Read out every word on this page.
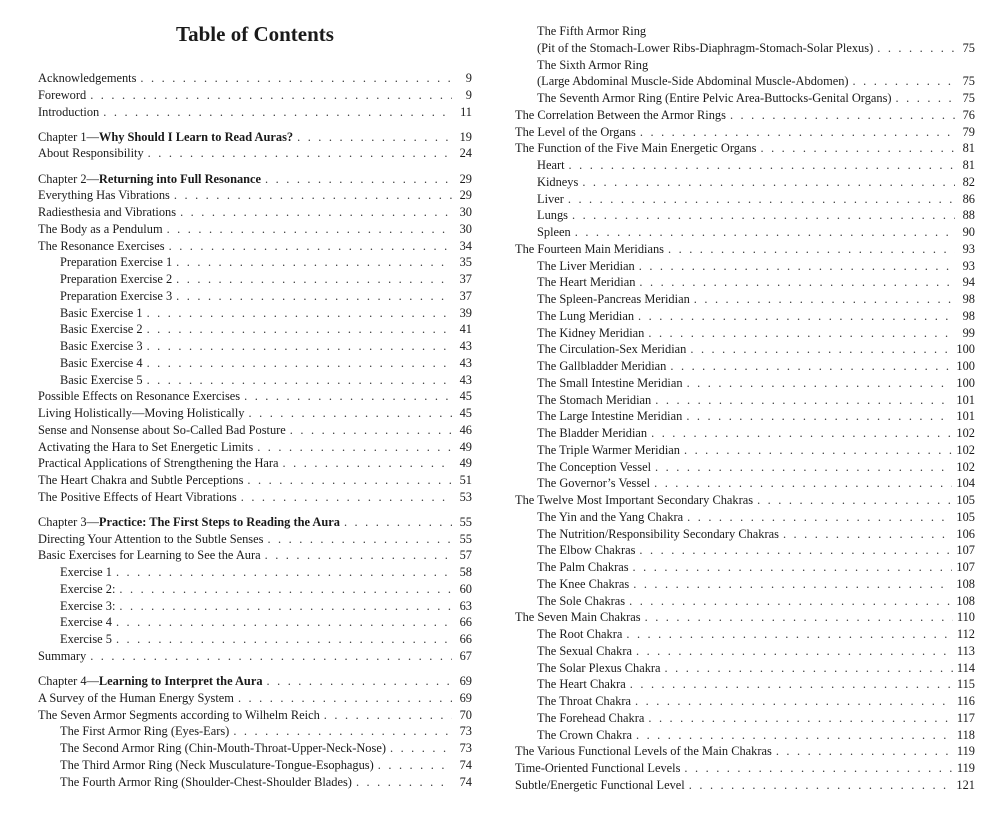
Table of Contents
Acknowledgements . . .	9
Foreword . . .	9
Introduction . . .	11
Chapter 1—Why Should I Learn to Read Auras? . . .	19
About Responsibility . . .	24
Chapter 2—Returning into Full Resonance . . .	29
Everything Has Vibrations . . .	29
Radiesthesia and Vibrations . . .	30
The Body as a Pendulum . . .	30
The Resonance Exercises . . .	34
Preparation Exercise 1 . . .	35
Preparation Exercise 2 . . .	37
Preparation Exercise 3 . . .	37
Basic Exercise 1 . . .	39
Basic Exercise 2 . . .	41
Basic Exercise 3 . . .	43
Basic Exercise 4 . . .	43
Basic Exercise 5 . . .	43
Possible Effects on Resonance Exercises . . .	45
Living Holistically—Moving Holistically . . .	45
Sense and Nonsense about So-Called Bad Posture . . .	46
Activating the Hara to Set Energetic Limits . . .	49
Practical Applications of Strengthening the Hara . . .	49
The Heart Chakra and Subtle Perceptions . . .	51
The Positive Effects of Heart Vibrations . . .	53
Chapter 3—Practice: The First Steps to Reading the Aura . . .	55
Directing Your Attention to the Subtle Senses . . .	55
Basic Exercises for Learning to See the Aura . . .	57
Exercise 1 . . .	58
Exercise 2: . . .	60
Exercise 3: . . .	63
Exercise 4 . . .	66
Exercise 5 . . .	66
Summary . . .	67
Chapter 4—Learning to Interpret the Aura . . .	69
A Survey of the Human Energy System . . .	69
The Seven Armor Segments according to Wilhelm Reich . . .	70
The First Armor Ring (Eyes-Ears) . . .	73
The Second Armor Ring (Chin-Mouth-Throat-Upper-Neck-Nose) . . .	73
The Third Armor Ring (Neck Musculature-Tongue-Esophagus) . . .	74
The Fourth Armor Ring (Shoulder-Chest-Shoulder Blades) . . .	74
The Fifth Armor Ring
(Pit of the Stomach-Lower Ribs-Diaphragm-Stomach-Solar Plexus) . . .	75
The Sixth Armor Ring
(Large Abdominal Muscle-Side Abdominal Muscle-Abdomen) . . .	75
The Seventh Armor Ring (Entire Pelvic Area-Buttocks-Genital Organs) . . .	75
The Correlation Between the Armor Rings . . .	76
The Level of the Organs . . .	79
The Function of the Five Main Energetic Organs . . .	81
Heart . . .	81
Kidneys . . .	82
Liver . . .	86
Lungs . . .	88
Spleen . . .	90
The Fourteen Main Meridians . . .	93
The Liver Meridian . . .	93
The Heart Meridian . . .	94
The Spleen-Pancreas Meridian . . .	98
The Lung Meridian . . .	98
The Kidney Meridian . . .	99
The Circulation-Sex Meridian . . .	100
The Gallbladder Meridian . . .	100
The Small Intestine Meridian . . .	100
The Stomach Meridian . . .	101
The Large Intestine Meridian . . .	101
The Bladder Meridian . . .	102
The Triple Warmer Meridian . . .	102
The Conception Vessel . . .	102
The Governor’s Vessel . . .	104
The Twelve Most Important Secondary Chakras . . .	105
The Yin and the Yang Chakra . . .	105
The Nutrition/Responsibility Secondary Chakras . . .	106
The Elbow Chakras . . .	107
The Palm Chakras . . .	107
The Knee Chakras . . .	108
The Sole Chakras . . .	108
The Seven Main Chakras . . .	110
The Root Chakra . . .	112
The Sexual Chakra . . .	113
The Solar Plexus Chakra . . .	114
The Heart Chakra . . .	115
The Throat Chakra . . .	116
The Forehead Chakra . . .	117
The Crown Chakra . . .	118
The Various Functional Levels of the Main Chakras . . .	119
Time-Oriented Functional Levels . . .	119
Subtle/Energetic Functional Level . . .	121
